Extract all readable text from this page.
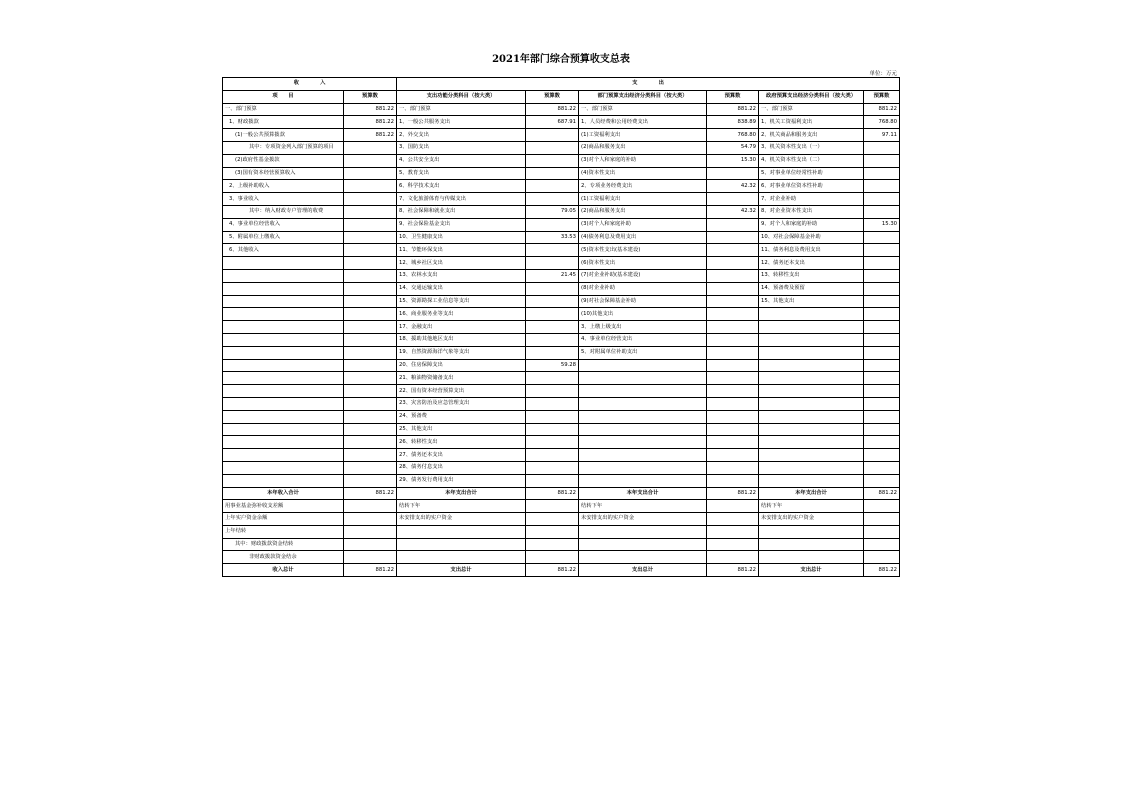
2021年部门综合预算收支总表
单位：万元
收　　　　入		支　　　　出					
项　　目	预算数	支出功能分类科目（按大类）	预算数	部门预算支出经济分类科目（按大类）	预算数	政府预算支出经济分类科目（按大类）	预算数
一、部门预算	881.22	一、部门预算	881.22	一、部门预算	881.22	一、部门预算	881.22
1、财政拨款	881.22	1、一般公共服务支出	687.91	1、人员经费和公用经费支出	838.89	1、机关工资福利支出	768.80
(1)一般公共预算拨款	881.22	2、外交支出		(1)工资福利支出	768.80	2、机关商品和服务支出	97.11
其中：专项资金列入部门预算的项目		3、国防支出		(2)商品和服务支出	54.79	3、机关资本性支出（一）	
(2)政府性基金拨款		4、公共安全支出		(3)对个人和家庭的补助	15.30	4、机关资本性支出（二）	
(3)国有资本经营预算收入		5、教育支出		(4)资本性支出		5、对事业单位经常性补助	
2、上级补助收入		6、科学技术支出		2、专项业务经费支出	42.32	6、对事业单位资本性补助	
3、事业收入		7、文化旅游体育与传媒支出		(1)工资福利支出		7、对企业补助	
其中：纳入财政专户管理的收费		8、社会保障和就业支出	79.05	(2)商品和服务支出	42.32	8、对企业资本性支出	
4、事业单位经营收入		9、社会保险基金支出		(3)对个人和家庭补助		9、对个人和家庭的补助	15.30
5、附属单位上缴收入		10、卫生健康支出	33.53	(4)债务利息及费用支出		10、对社会保障基金补助	
6、其他收入		11、节能环保支出		(5)资本性支出(基本建设)		11、债务利息及费用支出	
		12、城乡社区支出		(6)资本性支出		12、债务还本支出	
		13、农林水支出	21.45	(7)对企业补助(基本建设)		13、转移性支出	
		14、交通运输支出		(8)对企业补助		14、预备费及预留	
		15、资源勘探工业信息等支出		(9)对社会保障基金补助		15、其他支出	
		16、商业服务业等支出		(10)其他支出			
		17、金融支出		3、上缴上级支出			
		18、援助其他地区支出		4、事业单位经营支出			
		19、自然资源海洋气象等支出		5、对附属单位补助支出			
		20、住房保障支出	59.28				
		21、粮油物资储备支出					
		22、国有资本经营预算支出					
		23、灾害防治及应急管理支出					
		24、预备费					
		25、其他支出					
		26、转移性支出					
		27、债务还本支出					
		28、债务付息支出					
		29、债务发行费用支出					
本年收入合计	881.22	本年支出合计	881.22	本年支出合计	881.22	本年支出合计	881.22
用事业基金弥补收支差额		结转下年		结转下年		结转下年	
上年实户资金余额		未安排支出的实户资金		未安排支出的实户资金		未安排支出的实户资金	
上年结转							
其中：财政拨款资金结转							
非财政拨款资金结余							
收入总计	881.22	支出总计	881.22	支出总计	881.22	支出总计	881.22
